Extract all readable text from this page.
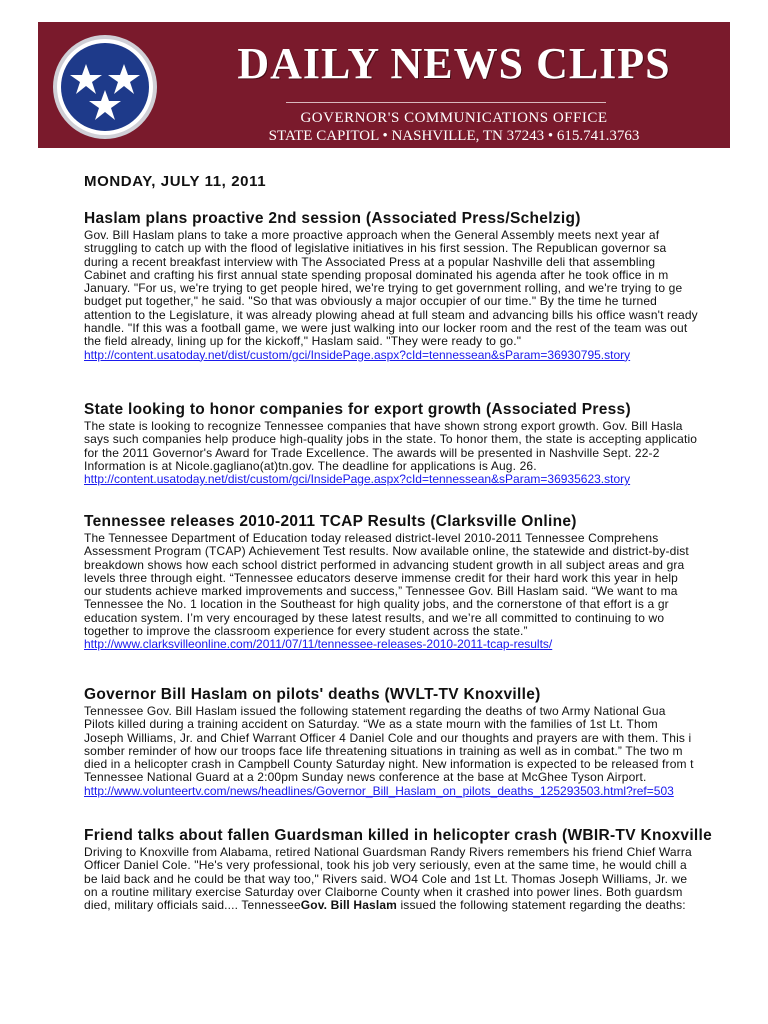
DAILY NEWS CLIPS
GOVERNOR'S COMMUNICATIONS OFFICE
STATE CAPITOL • NASHVILLE, TN 37243 • 615.741.3763
MONDAY, JULY 11, 2011
Haslam plans proactive 2nd session (Associated Press/Schelzig)
Gov. Bill Haslam plans to take a more proactive approach when the General Assembly meets next year af
struggling to catch up with the flood of legislative initiatives in his first session. The Republican governor sa
during a recent breakfast interview with The Associated Press at a popular Nashville deli that assembling
Cabinet and crafting his first annual state spending proposal dominated his agenda after he took office in m
January. "For us, we're trying to get people hired, we're trying to get government rolling, and we're trying to ge
budget put together," he said. "So that was obviously a major occupier of our time." By the time he turned
attention to the Legislature, it was already plowing ahead at full steam and advancing bills his office wasn't ready
handle. "If this was a football game, we were just walking into our locker room and the rest of the team was out
the field already, lining up for the kickoff," Haslam said. "They were ready to go."
http://content.usatoday.net/dist/custom/gci/InsidePage.aspx?cId=tennessean&sParam=36930795.story
State looking to honor companies for export growth (Associated Press)
The state is looking to recognize Tennessee companies that have shown strong export growth. Gov. Bill Hasla
says such companies help produce high-quality jobs in the state. To honor them, the state is accepting applicatio
for the 2011 Governor's Award for Trade Excellence. The awards will be presented in Nashville Sept. 22-2
Information is at Nicole.gagliano(at)tn.gov. The deadline for applications is Aug. 26.
http://content.usatoday.net/dist/custom/gci/InsidePage.aspx?cId=tennessean&sParam=36935623.story
Tennessee releases 2010-2011 TCAP Results (Clarksville Online)
The Tennessee Department of Education today released district-level 2010-2011 Tennessee Comprehens
Assessment Program (TCAP) Achievement Test results. Now available online, the statewide and district-by-dist
breakdown shows how each school district performed in advancing student growth in all subject areas and gra
levels three through eight. “Tennessee educators deserve immense credit for their hard work this year in help
our students achieve marked improvements and success,” Tennessee Gov. Bill Haslam said. “We want to ma
Tennessee the No. 1 location in the Southeast for high quality jobs, and the cornerstone of that effort is a gr
education system. I’m very encouraged by these latest results, and we’re all committed to continuing to wo
together to improve the classroom experience for every student across the state.”
http://www.clarksvilleonline.com/2011/07/11/tennessee-releases-2010-2011-tcap-results/
Governor Bill Haslam on pilots' deaths (WVLT-TV Knoxville)
Tennessee Gov. Bill Haslam issued the following statement regarding the deaths of two Army National Gua
Pilots killed during a training accident on Saturday. “We as a state mourn with the families of 1st Lt. Thom
Joseph Williams, Jr. and Chief Warrant Officer 4 Daniel Cole and our thoughts and prayers are with them. This i
somber reminder of how our troops face life threatening situations in training as well as in combat.” The two m
died in a helicopter crash in Campbell County Saturday night. New information is expected to be released from t
Tennessee National Guard at a 2:00pm Sunday news conference at the base at McGhee Tyson Airport.
http://www.volunteertv.com/news/headlines/Governor_Bill_Haslam_on_pilots_deaths_125293503.html?ref=503
Friend talks about fallen Guardsman killed in helicopter crash (WBIR-TV Knoxville
Driving to Knoxville from Alabama, retired National Guardsman Randy Rivers remembers his friend Chief Warra
Officer Daniel Cole. "He's very professional, took his job very seriously, even at the same time, he would chill a
be laid back and he could be that way too," Rivers said. WO4 Cole and 1st Lt. Thomas Joseph Williams, Jr. we
on a routine military exercise Saturday over Claiborne County when it crashed into power lines. Both guardsm
died, military officials said.... TennesseeGov. Bill Haslam issued the following statement regarding the deaths:
